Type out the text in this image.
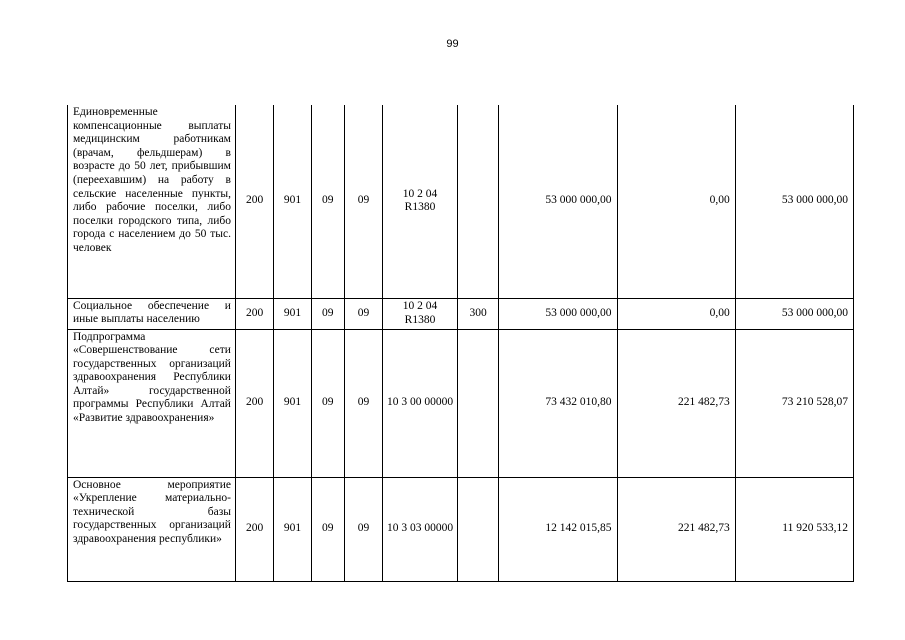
99
Единовременные компенсационные выплаты медицинским работникам (врачам, фельдшерам) в возрасте до 50 лет, прибывшим (переехавшим) на работу в сельские населенные пункты, либо рабочие поселки, либо поселки городского типа, либо города с населением до 50 тыс. человек	200	901	09	09	10 2 04 R1380		53 000 000,00	0,00	53 000 000,00
Социальное обеспечение и иные выплаты населению	200	901	09	09	10 2 04 R1380	300	53 000 000,00	0,00	53 000 000,00
Подпрограмма «Совершенствование сети государственных организаций здравоохранения Республики Алтай» государственной программы Республики Алтай «Развитие здравоохранения»	200	901	09	09	10 3 00 00000		73 432 010,80	221 482,73	73 210 528,07
Основное мероприятие «Укрепление материально-технической базы государственных организаций здравоохранения республики»	200	901	09	09	10 3 03 00000		12 142 015,85	221 482,73	11 920 533,12
